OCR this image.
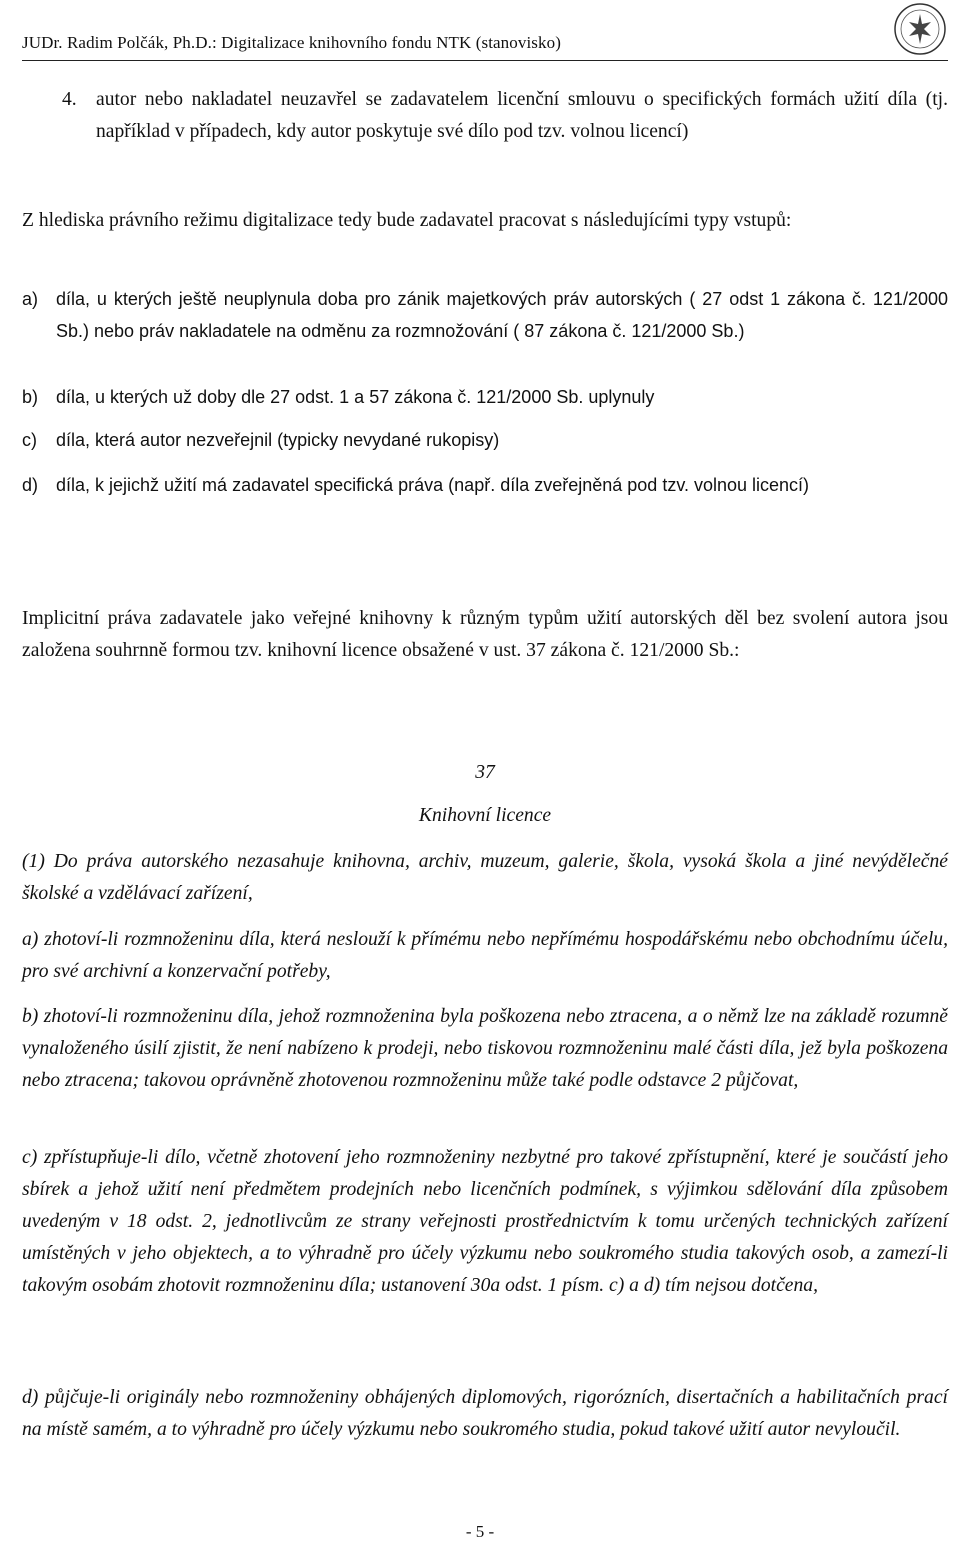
JUDr. Radim Polčák, Ph.D.: Digitalizace knihovního fondu NTK (stanovisko)
4. autor nebo nakladatel neuzavřel se zadavatelem licenční smlouvu o specifických formách užití díla (tj. například v případech, kdy autor poskytuje své dílo pod tzv. volnou licencí)

Z hlediska právního režimu digitalizace tedy bude zadavatel pracovat s následujícími typy vstupů:

a) díla, u kterých ještě neuplynula doba pro zánik majetkových práv autorských ( 27 odst 1 zákona č. 121/2000 Sb.) nebo práv nakladatele na odměnu za rozmnožování ( 87 zákona č. 121/2000 Sb.)
b) díla, u kterých už doby dle 27 odst. 1 a 57 zákona č. 121/2000 Sb. uplynuly
c) díla, která autor nezveřejnil (typicky nevydané rukopisy)
d) díla, k jejichž užití má zadavatel specifická práva (např. díla zveřejněná pod tzv. volnou licencí)

Implicitní práva zadavatele jako veřejné knihovny k různým typům užití autorských děl bez svolení autora jsou založena souhrnně formou tzv. knihovní licence obsažené v ust. 37 zákona č. 121/2000 Sb.:

37
Knihovní licence

(1) Do práva autorského nezasahuje knihovna, archiv, muzeum, galerie, škola, vysoká škola a jiné nevýdělečné školské a vzdělávací zařízení,

a) zhotoví-li rozmnoženinu díla, která neslouží k přímému nebo nepřímému hospodářskému nebo obchodnímu účelu, pro své archivní a konzervační potřeby,

b) zhotoví-li rozmnoženinu díla, jehož rozmnoženina byla poškozena nebo ztracena, a o němž lze na základě rozumně vynaloženého úsilí zjistit, že není nabízeno k prodeji, nebo tiskovou rozmnoženinu malé části díla, jež byla poškozena nebo ztracena; takovou oprávněně zhotovenou rozmnoženinu může také podle odstavce 2 půjčovat,

c) zpřístupňuje-li dílo, včetně zhotovení jeho rozmnoženiny nezbytné pro takové zpřístupnění, které je součástí jeho sbírek a jehož užití není předmětem prodejních nebo licenčních podmínek, s výjimkou sdělování díla způsobem uvedeným v 18 odst. 2, jednotlivcům ze strany veřejnosti prostřednictvím k tomu určených technických zařízení umístěných v jeho objektech, a to výhradně pro účely výzkumu nebo soukromého studia takových osob, a zamezí-li takovým osobám zhotovit rozmnoženinu díla; ustanovení 30a odst. 1 písm. c) a d) tím nejsou dotčena,

d) půjčuje-li originály nebo rozmnoženiny obhájených diplomových, rigorózních, disertačních a habilitačních prací na místě samém, a to výhradně pro účely výzkumu nebo soukromého studia, pokud takové užití autor nevyloučil.

- 5 -
